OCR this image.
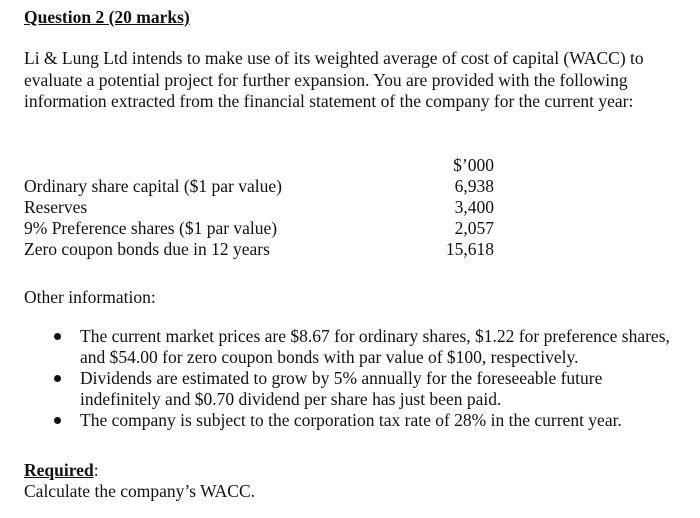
Question 2 (20 marks)
Li & Lung Ltd intends to make use of its weighted average of cost of capital (WACC) to evaluate a potential project for further expansion. You are provided with the following information extracted from the financial statement of the company for the current year:
$’000
Ordinary share capital ($1 par value)	6,938
Reserves	3,400
9% Preference shares ($1 par value)	2,057
Zero coupon bonds due in 12 years	15,618
Other information:
The current market prices are $8.67 for ordinary shares, $1.22 for preference shares, and $54.00 for zero coupon bonds with par value of $100, respectively.
Dividends are estimated to grow by 5% annually for the foreseeable future indefinitely and $0.70 dividend per share has just been paid.
The company is subject to the corporation tax rate of 28% in the current year.
Required:
Calculate the company’s WACC.
